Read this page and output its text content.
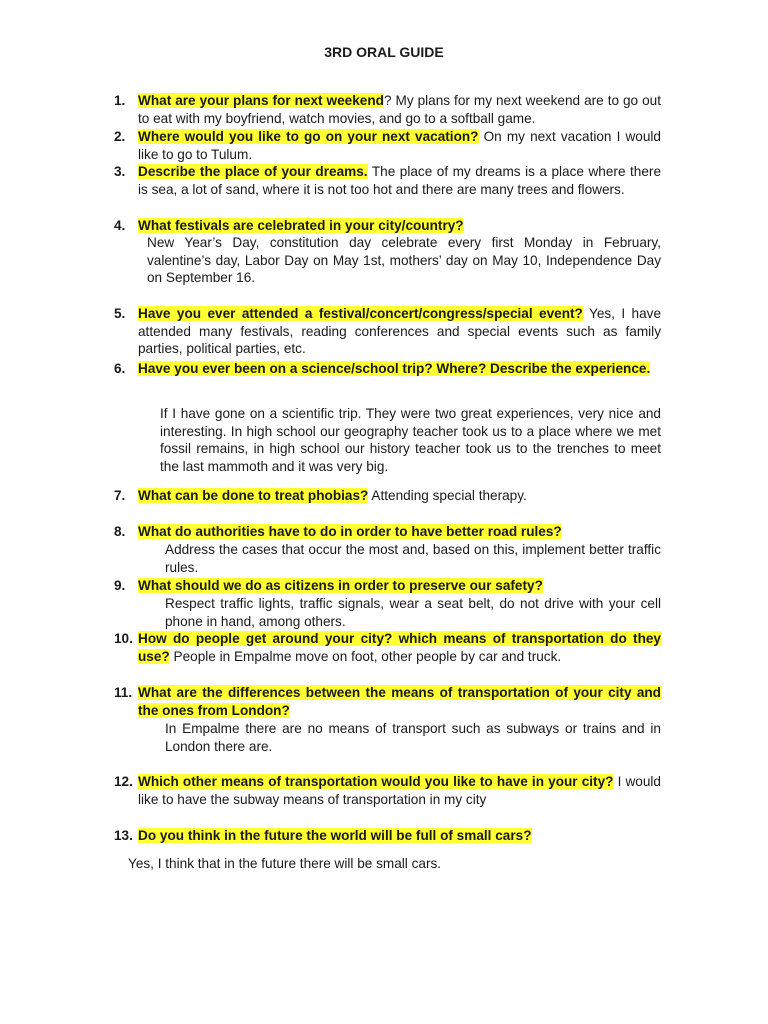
3RD ORAL GUIDE
1. What are your plans for next weekend? My plans for my next weekend are to go out to eat with my boyfriend, watch movies, and go to a softball game.
2. Where would you like to go on your next vacation? On my next vacation I would like to go to Tulum.
3. Describe the place of your dreams. The place of my dreams is a place where there is sea, a lot of sand, where it is not too hot and there are many trees and flowers.
4. What festivals are celebrated in your city/country?
New Year’s Day, constitution day celebrate every first Monday in February, valentine’s day, Labor Day on May 1st, mothers’ day on May 10, Independence Day on September 16.
5. Have you ever attended a festival/concert/congress/special event? Yes, I have attended many festivals, reading conferences and special events such as family parties, political parties, etc.
6. Have you ever been on a science/school trip? Where? Describe the experience.
If I have gone on a scientific trip. They were two great experiences, very nice and interesting. In high school our geography teacher took us to a place where we met fossil remains, in high school our history teacher took us to the trenches to meet the last mammoth and it was very big.
7. What can be done to treat phobias? Attending special therapy.
8. What do authorities have to do in order to have better road rules?
Address the cases that occur the most and, based on this, implement better traffic rules.
9. What should we do as citizens in order to preserve our safety?
Respect traffic lights, traffic signals, wear a seat belt, do not drive with your cell phone in hand, among others.
10. How do people get around your city? which means of transportation do they use? People in Empalme move on foot, other people by car and truck.
11. What are the differences between the means of transportation of your city and the ones from London?
In Empalme there are no means of transport such as subways or trains and in London there are.
12. Which other means of transportation would you like to have in your city? I would like to have the subway means of transportation in my city
13. Do you think in the future the world will be full of small cars?
Yes, I think that in the future there will be small cars.
